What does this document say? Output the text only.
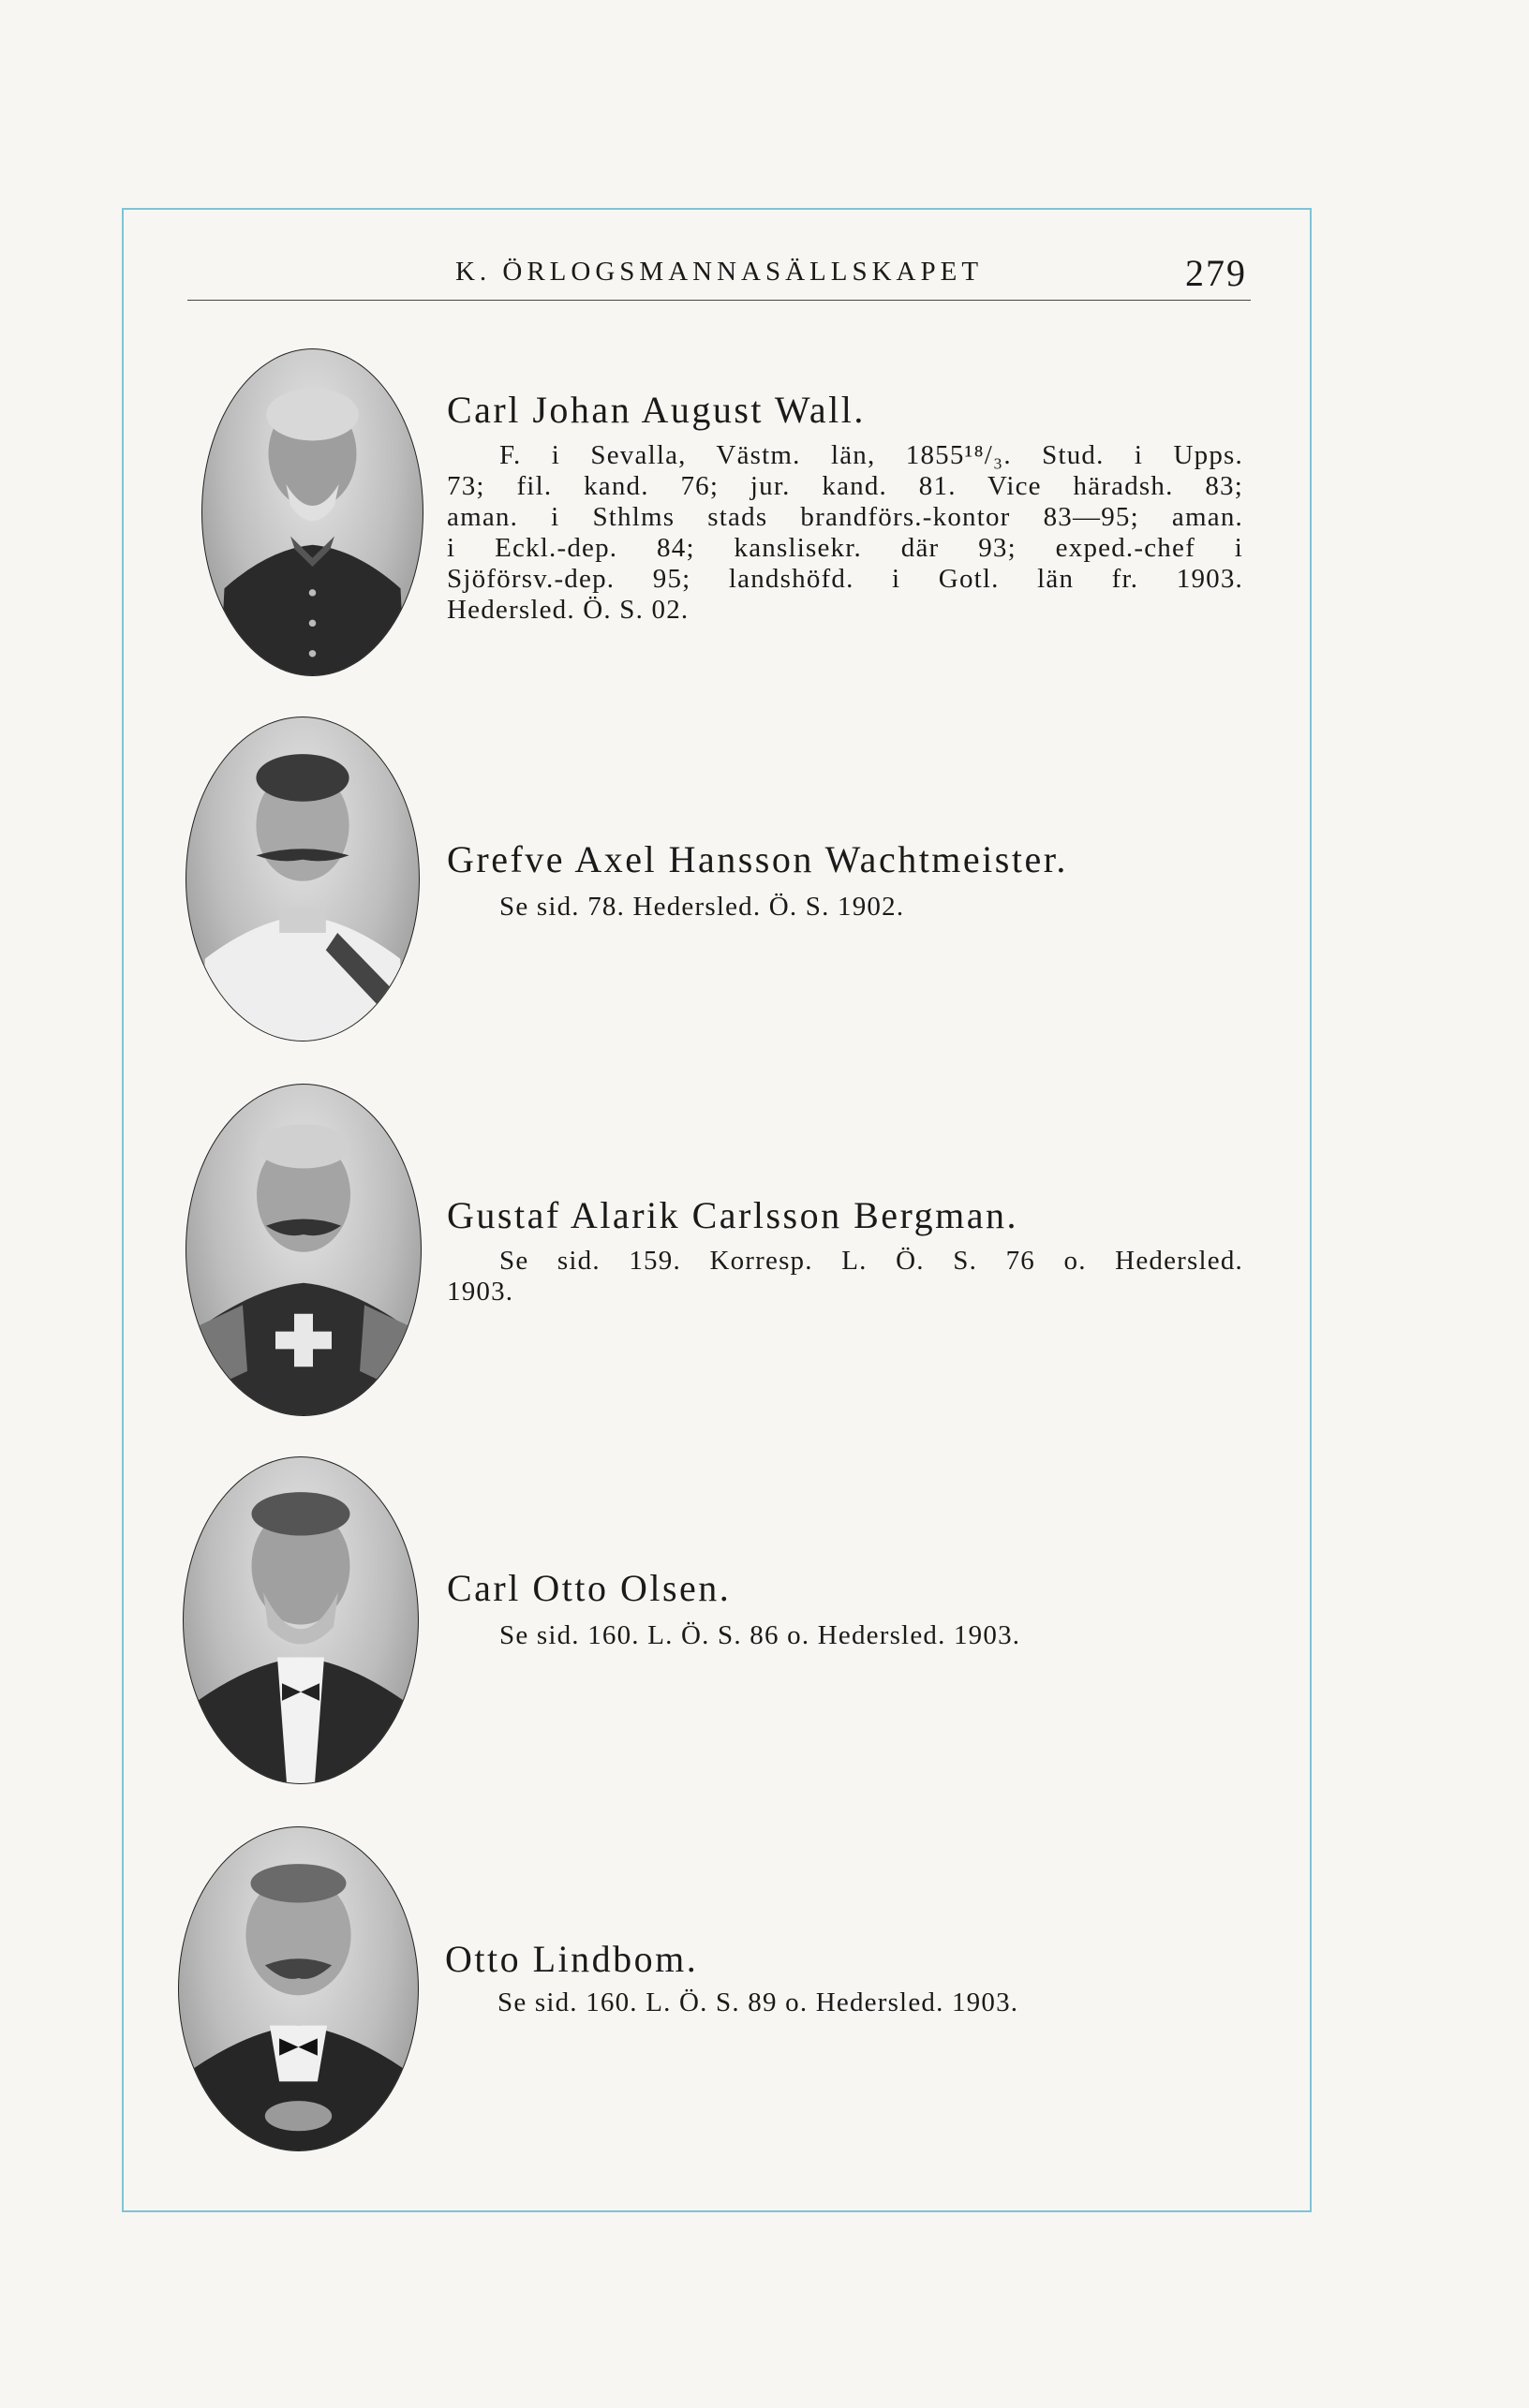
K. ÖRLOGSMANNASÄLLSKAPET	279
Carl Johan August Wall.
F. i Sevalla, Västm. län, 1855¹⁸/₃. Stud. i Upps.
73; fil. kand. 76; jur. kand. 81. Vice häradsh. 83;
aman. i Sthlms stads brandförs.-kontor 83—95; aman.
i Eckl.-dep. 84; kanslisekr. där 93; exped.-chef i
Sjöförsv.-dep. 95; landshöfd. i Gotl. län fr. 1903.
Hedersled. Ö. S. 02.
Grefve Axel Hansson Wachtmeister.
Se sid. 78. Hedersled. Ö. S. 1902.
Gustaf Alarik Carlsson Bergman.
Se sid. 159. Korresp. L. Ö. S. 76 o. Hedersled.
1903.
Carl Otto Olsen.
Se sid. 160. L. Ö. S. 86 o. Hedersled. 1903.
Otto Lindbom.
Se sid. 160. L. Ö. S. 89 o. Hedersled. 1903.
